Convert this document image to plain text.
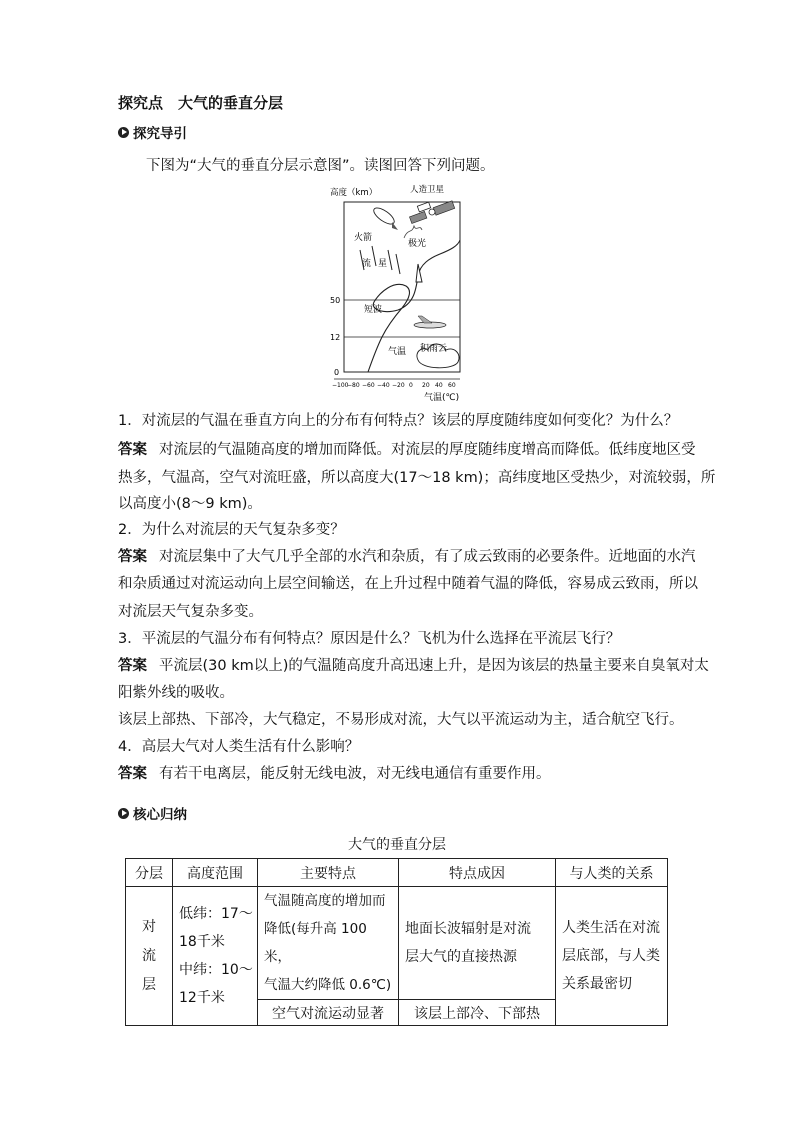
探究点　大气的垂直分层
探究导引
下图为“大气的垂直分层示意图”。读图回答下列问题。
高度（km）	人造卫星
火箭
极光
流 星
短波
气温 积雨云
50
12
0
−100
−80 −60 −40 −20 0 20 40 60
气温(℃)
1．对流层的气温在垂直方向上的分布有何特点？该层的厚度随纬度如何变化？为什么？
答案 对流层的气温随高度的增加而降低。对流层的厚度随纬度增高而降低。低纬度地区受
热多，气温高，空气对流旺盛，所以高度大(17～18 km)；高纬度地区受热少，对流较弱，所
以高度小(8～9 km)。
2．为什么对流层的天气复杂多变？
答案 对流层集中了大气几乎全部的水汽和杂质，有了成云致雨的必要条件。近地面的水汽
和杂质通过对流运动向上层空间输送，在上升过程中随着气温的降低，容易成云致雨，所以
对流层天气复杂多变。
3．平流层的气温分布有何特点？原因是什么？飞机为什么选择在平流层飞行？
答案 平流层(30 km以上)的气温随高度升高迅速上升，是因为该层的热量主要来自臭氧对太
阳紫外线的吸收。
该层上部热、下部冷，大气稳定，不易形成对流，大气以平流运动为主，适合航空飞行。
4．高层大气对人类生活有什么影响？
答案 有若干电离层，能反射无线电波，对无线电通信有重要作用。
核心归纳
大气的垂直分层
分层	高度范围	主要特点	特点成因	与人类的关系
对
流
层	低纬：17～
18千米
中纬：10～
12千米	气温随高度的增加而
降低(每升高 100 米，
气温大约降低 0.6℃)	地面长波辐射是对流
层大气的直接热源	人类生活在对流
层底部，与人类
关系最密切
		空气对流运动显著	该层上部冷、下部热	
